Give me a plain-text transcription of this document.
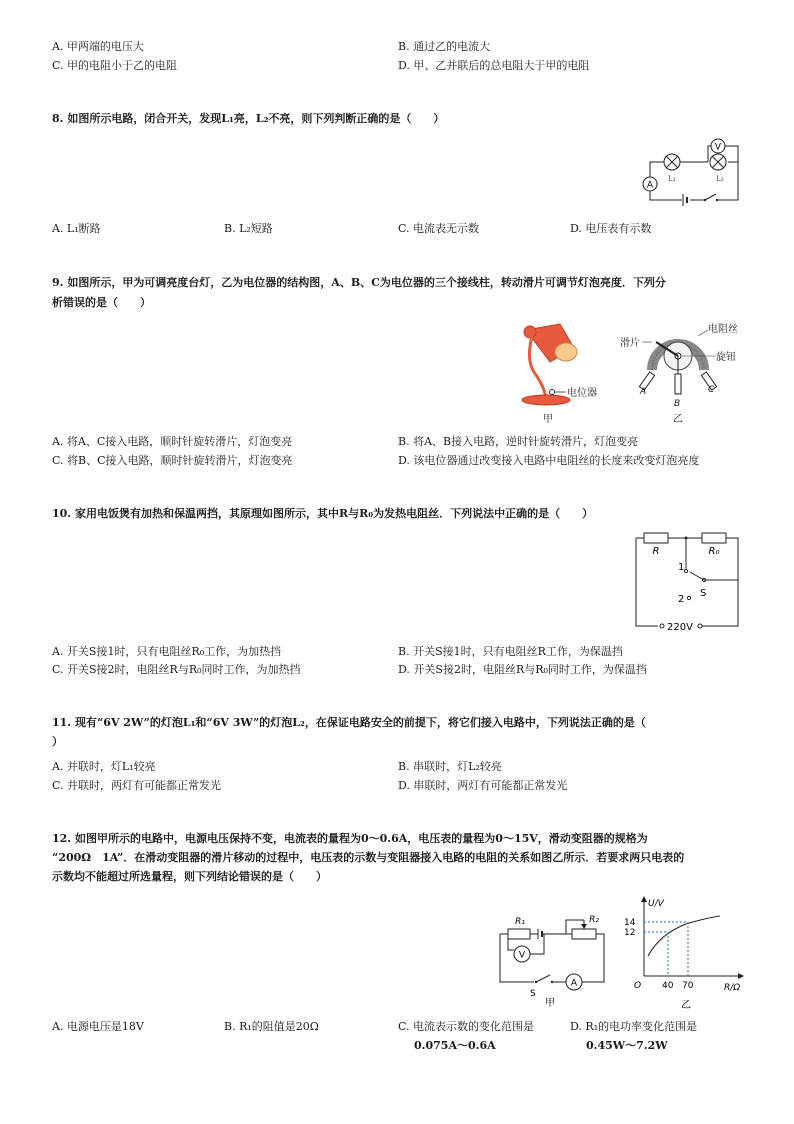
A. 甲两端的电压大	B. 通过乙的电流大
C. 甲的电阻小于乙的电阻	D. 甲、乙并联后的总电阻大于甲的电阻
8. 如图所示电路，闭合开关，发现L₁亮，L₂不亮，则下列判断正确的是（　　）
V
A
L₁	L₂
A. L₁断路	B. L₂短路	C. 电流表无示数	D. 电压表有示数
9. 如图所示，甲为可调亮度台灯，乙为电位器的结构图，A、B、C为电位器的三个接线柱，转动滑片可调节灯泡亮度．下列分
析错误的是（　　）
电位器
甲
A
B
C
滑片
电阻丝
旋钮
乙
A. 将A、C接入电路，顺时针旋转滑片，灯泡变亮	B. 将A、B接入电路，逆时针旋转滑片，灯泡变亮
C. 将B、C接入电路，顺时针旋转滑片，灯泡变亮	D. 该电位器通过改变接入电路中电阻丝的长度来改变灯泡亮度
10. 家用电饭煲有加热和保温两挡，其原理如图所示，其中R与R₀为发热电阻丝．下列说法中正确的是（　　）
R	R₀
1
S
2
220V
A. 开关S接1时，只有电阻丝R₀工作，为加热挡	B. 开关S接1时，只有电阻丝R工作，为保温挡
C. 开关S接2时，电阻丝R与R₀同时工作，为加热挡	D. 开关S接2时，电阻丝R与R₀同时工作，为保温挡
11. 现有“6V 2W”的灯泡L₁和“6V 3W”的灯泡L₂，在保证电路安全的前提下，将它们接入电路中，下列说法正确的是（
）
A. 并联时，灯L₁较亮	B. 串联时，灯L₂较亮
C. 并联时，两灯有可能都正常发光	D. 串联时，两灯有可能都正常发光
12. 如图甲所示的电路中，电源电压保持不变，电流表的量程为0～0.6A，电压表的量程为0～15V，滑动变阻器的规格为
“200Ω　1A”．在滑动变阻器的滑片移动的过程中，电压表的示数与变阻器接入电路的电阻的关系如图乙所示．若要求两只电表的
示数均不能超过所选量程，则下列结论错误的是（　　）
R₁	R₂
V
S
A
甲
U/V
R/Ω
O
14
12
40 70
乙
A. 电源电压是18V	B. R₁的阻值是20Ω	C. 电流表示数的变化范围是
0.075A～0.6A
D. R₁的电功率变化范围是
0.45W～7.2W
